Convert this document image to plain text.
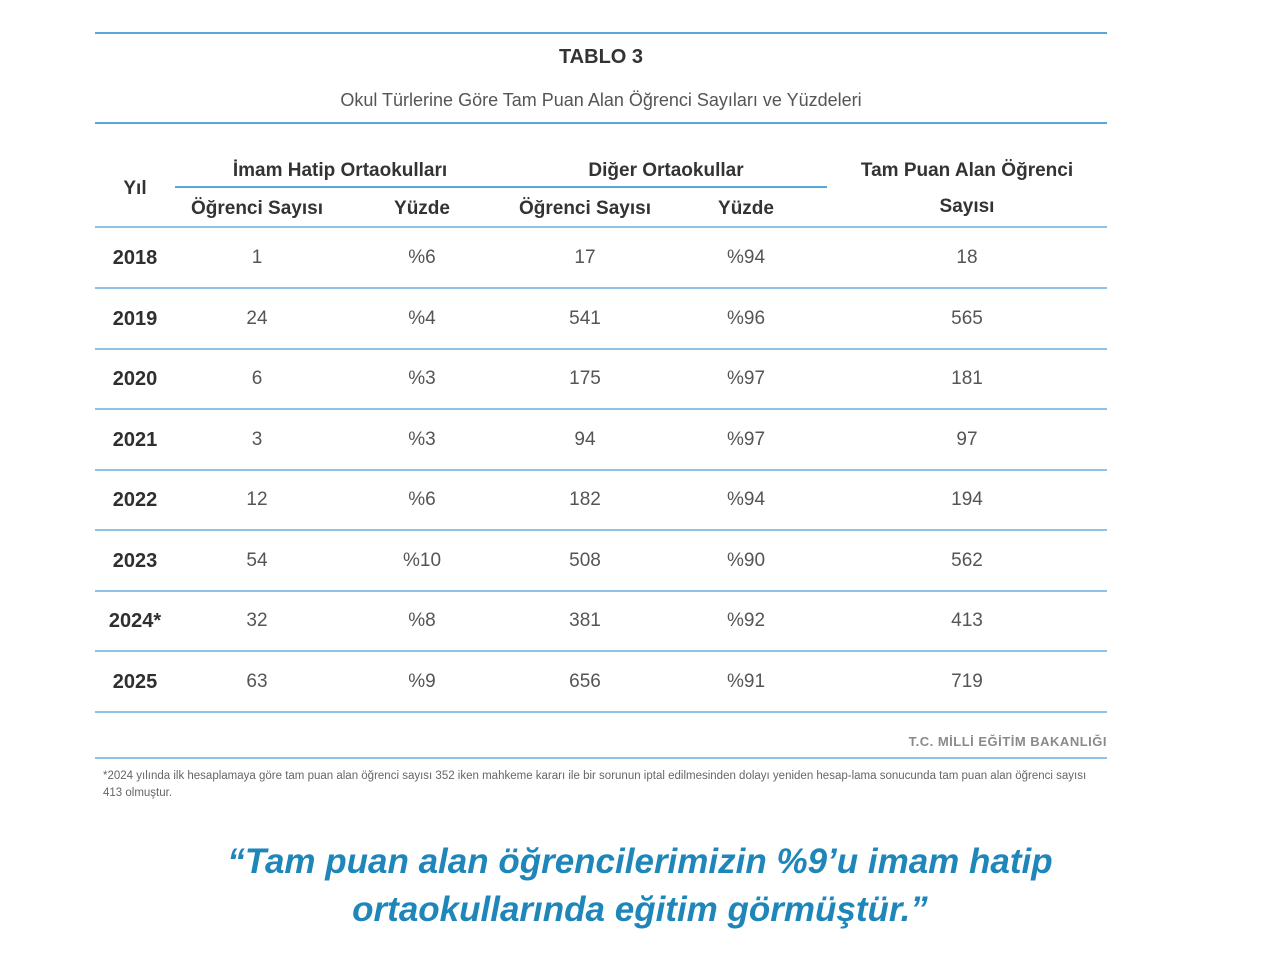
TABLO 3
Okul Türlerine Göre Tam Puan Alan Öğrenci Sayıları ve Yüzdeleri
Yıl
İmam Hatip Ortaokulları	Diğer Ortaokullar
Öğrenci Sayısı	Yüzde	Öğrenci Sayısı	Yüzde
Tam Puan Alan Öğrenci
Sayısı
2018	1	%6	17	%94	18
2019	24	%4	541	%96	565
2020	6	%3	175	%97	181
2021	3	%3	94	%97	97
2022	12	%6	182	%94	194
2023	54	%10	508	%90	562
2024*	32	%8	381	%92	413
2025	63	%9	656	%91	719
T.C. MİLLİ EĞİTİM BAKANLIĞI
*2024 yılında ilk hesaplamaya göre tam puan alan öğrenci sayısı 352 iken mahkeme kararı ile bir sorunun iptal edilmesinden dolayı yeniden hesap-lama sonucunda tam puan alan öğrenci sayısı 413 olmuştur.
“Tam puan alan öğrencilerimizin %9’u imam hatip
ortaokullarında eğitim görmüştür.”
